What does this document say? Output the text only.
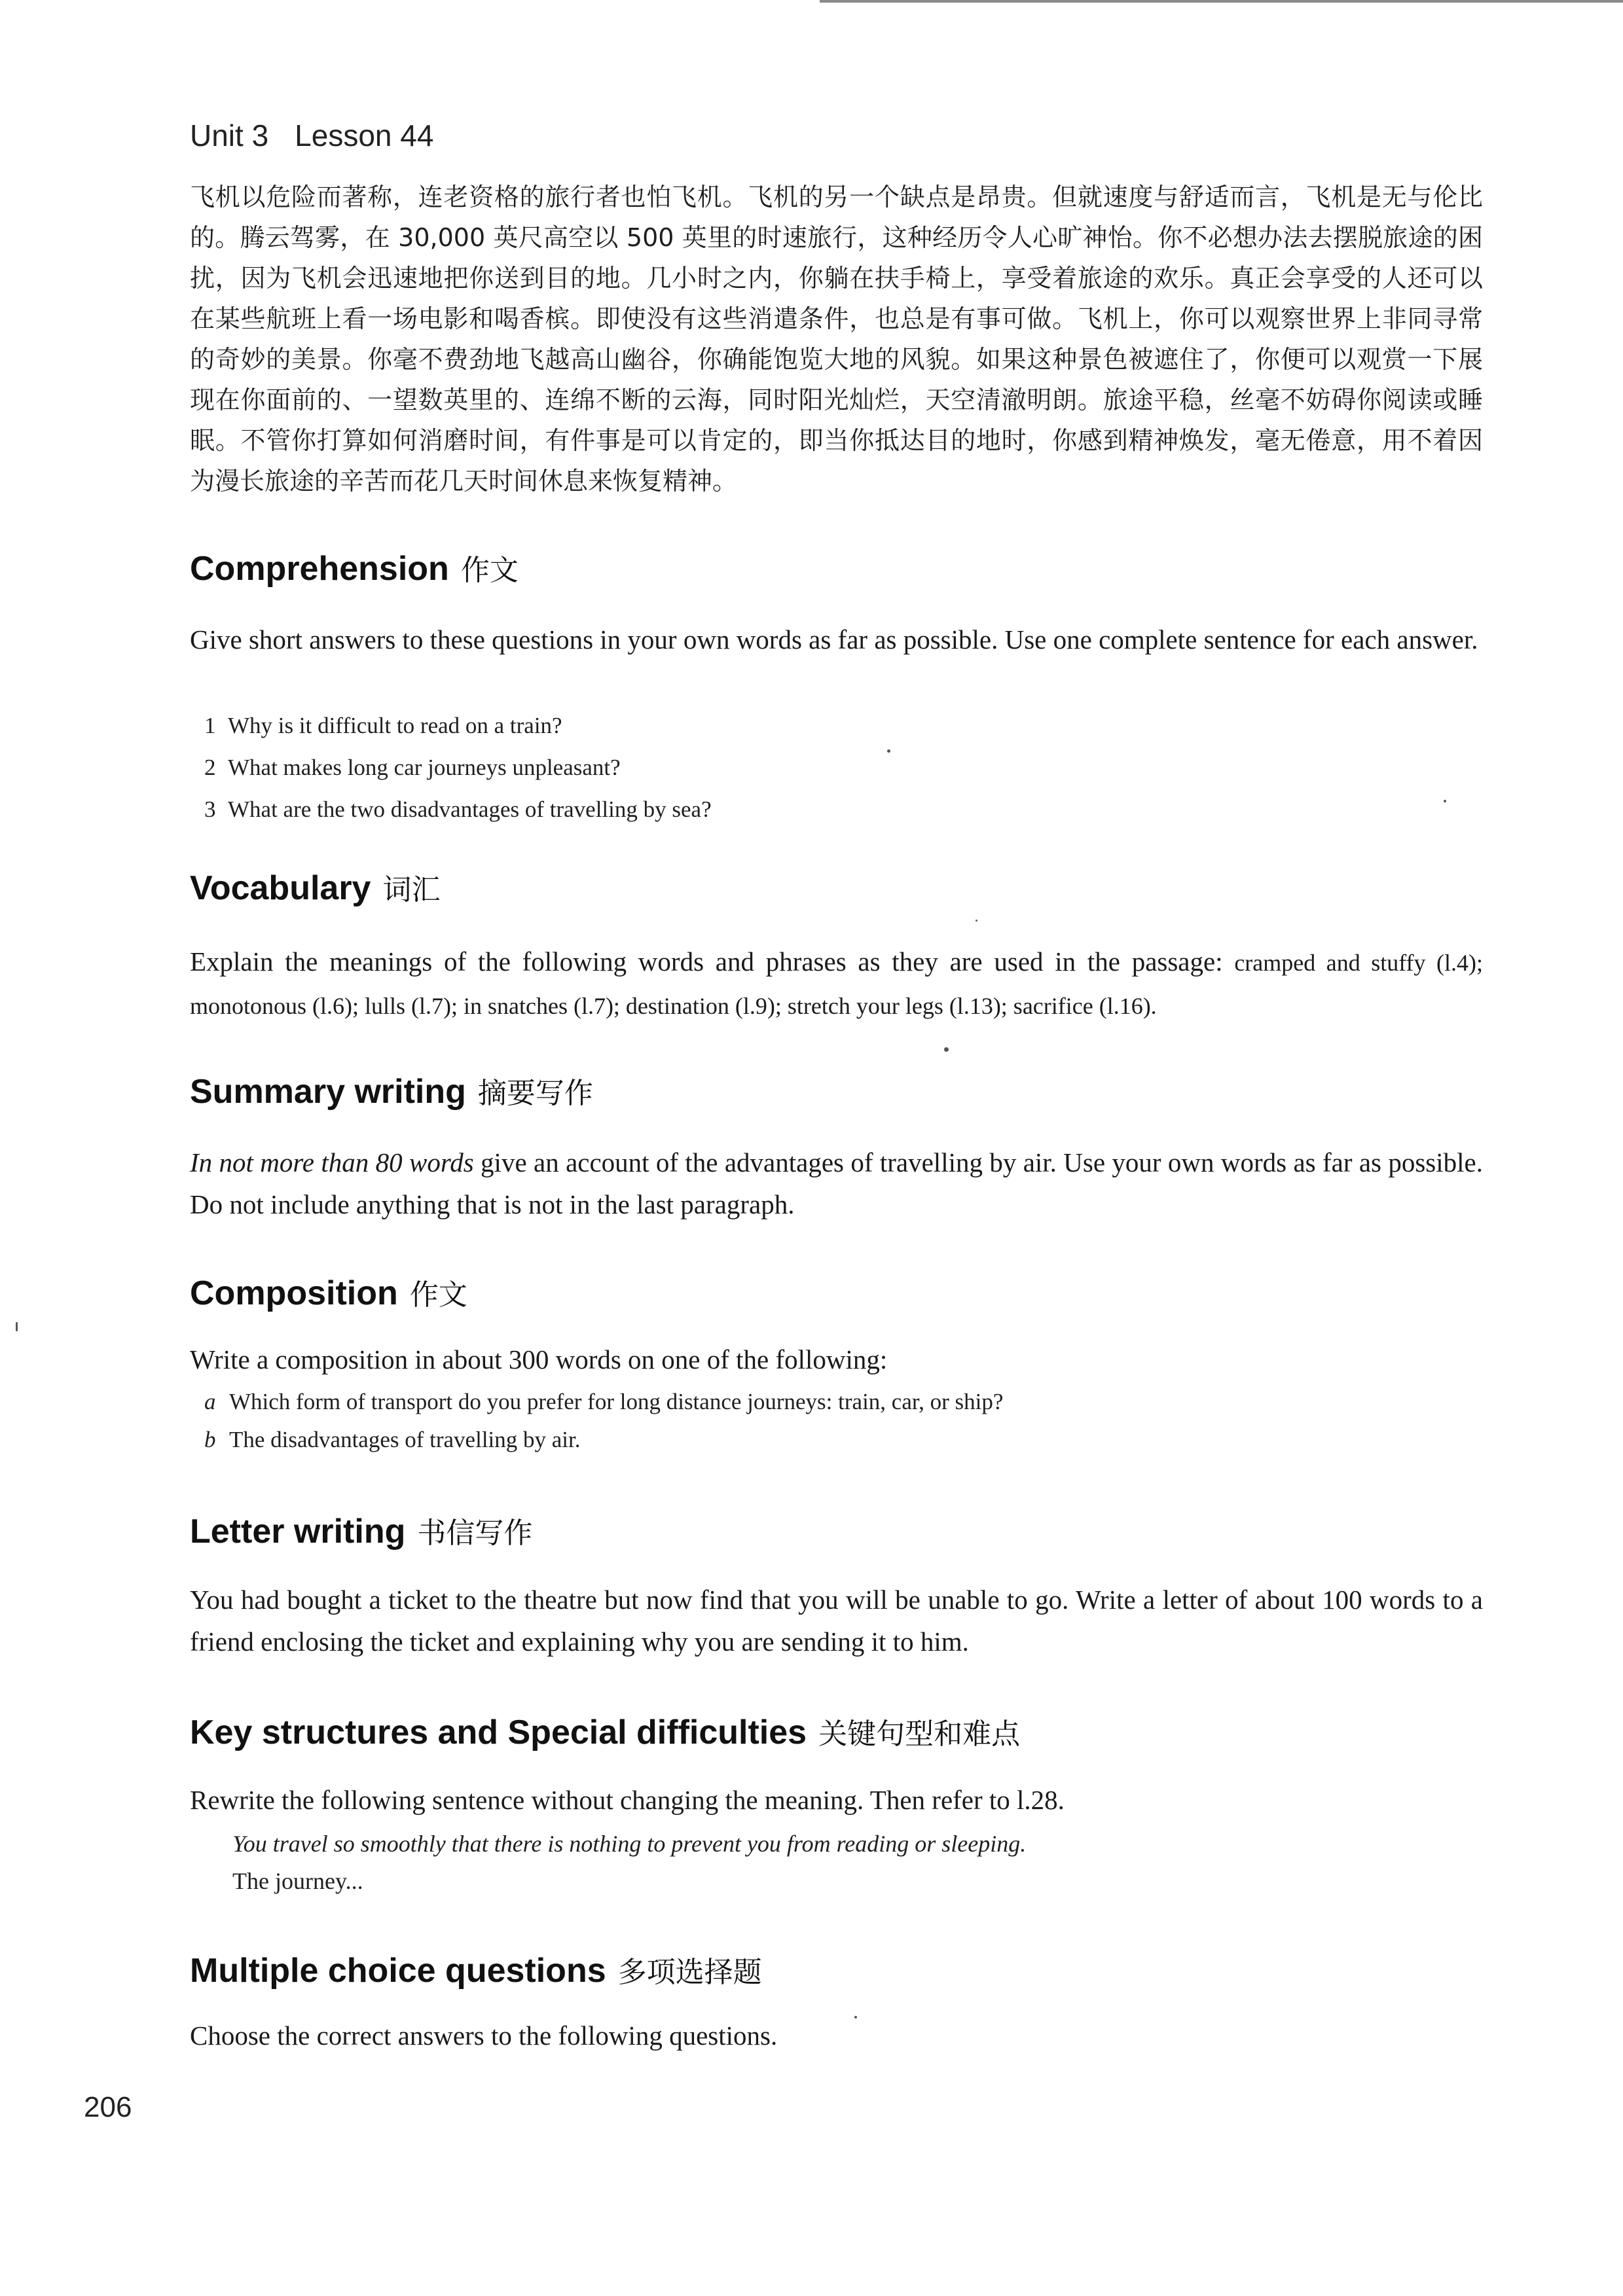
Unit 3 Lesson 44
飞机以危险而著称，连老资格的旅行者也怕飞机。飞机的另一个缺点是昂贵。但就速度与舒适而言，飞机是无与伦比的。腾云驾雾，在 30,000 英尺高空以 500 英里的时速旅行，这种经历令人心旷神怡。你不必想办法去摆脱旅途的困扰，因为飞机会迅速地把你送到目的地。几小时之内，你躺在扶手椅上，享受着旅途的欢乐。真正会享受的人还可以在某些航班上看一场电影和喝香槟。即使没有这些消遣条件，也总是有事可做。飞机上，你可以观察世界上非同寻常的奇妙的美景。你毫不费劲地飞越高山幽谷，你确能饱览大地的风貌。如果这种景色被遮住了，你便可以观赏一下展现在你面前的、一望数英里的、连绵不断的云海，同时阳光灿烂，天空清澈明朗。旅途平稳，丝毫不妨碍你阅读或睡眠。不管你打算如何消磨时间，有件事是可以肯定的，即当你抵达目的地时，你感到精神焕发，毫无倦意，用不着因为漫长旅途的辛苦而花几天时间休息来恢复精神。
Comprehension 作文
Give short answers to these questions in your own words as far as possible. Use one complete sentence for each answer.
1 Why is it difficult to read on a train?
2 What makes long car journeys unpleasant?
3 What are the two disadvantages of travelling by sea?
Vocabulary 词汇
Explain the meanings of the following words and phrases as they are used in the passage: cramped and stuffy (l.4); monotonous (l.6); lulls (l.7); in snatches (l.7); destination (l.9); stretch your legs (l.13); sacrifice (l.16).
Summary writing 摘要写作
In not more than 80 words give an account of the advantages of travelling by air. Use your own words as far as possible. Do not include anything that is not in the last paragraph.
Composition 作文
Write a composition in about 300 words on one of the following:
a Which form of transport do you prefer for long distance journeys: train, car, or ship?
b The disadvantages of travelling by air.
Letter writing 书信写作
You had bought a ticket to the theatre but now find that you will be unable to go. Write a letter of about 100 words to a friend enclosing the ticket and explaining why you are sending it to him.
Key structures and Special difficulties 关键句型和难点
Rewrite the following sentence without changing the meaning. Then refer to l.28.
You travel so smoothly that there is nothing to prevent you from reading or sleeping.
The journey...
Multiple choice questions 多项选择题
Choose the correct answers to the following questions.
206
